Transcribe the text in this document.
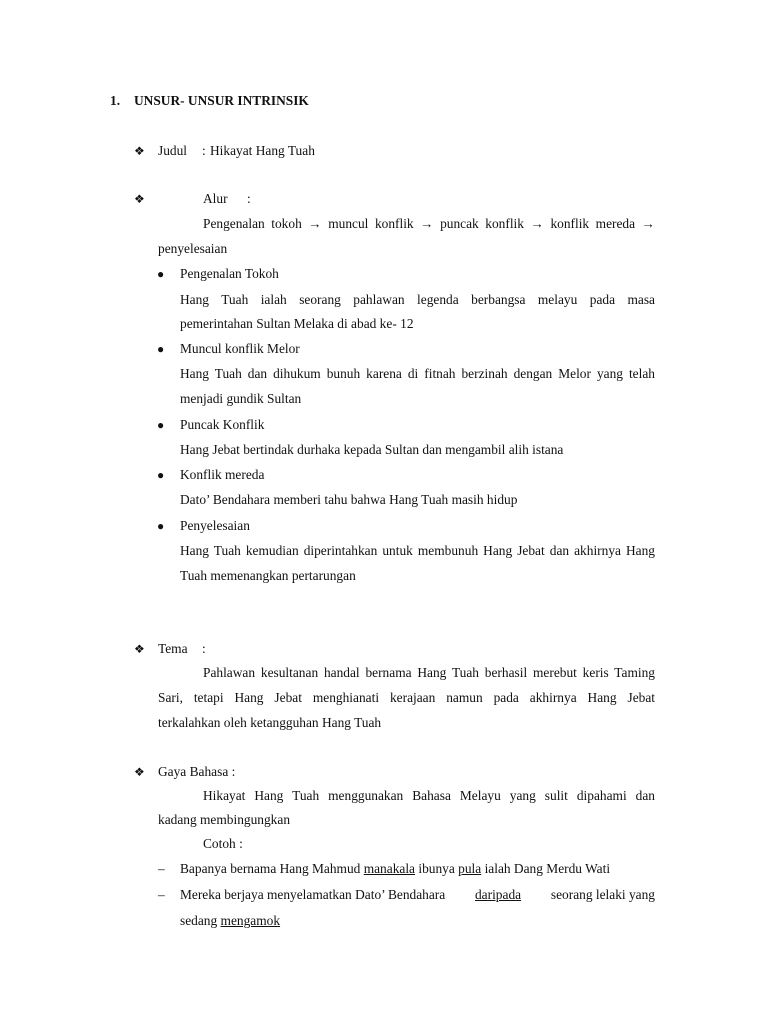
1. UNSUR- UNSUR INTRINSIK
❖ Judul : Hikayat Hang Tuah
❖	Alur :
Pengenalan tokoh → muncul konflik → puncak konflik → konflik mereda →
penyelesaian
● Pengenalan Tokoh
Hang Tuah ialah seorang pahlawan legenda berbangsa melayu pada masa
pemerintahan Sultan Melaka di abad ke- 12
● Muncul konflik Melor
Hang Tuah dan dihukum bunuh karena di fitnah berzinah dengan Melor yang telah
menjadi gundik Sultan
● Puncak Konflik
Hang Jebat bertindak durhaka kepada Sultan dan mengambil alih istana
● Konflik mereda
Dato’ Bendahara memberi tahu bahwa Hang Tuah masih hidup
● Penyelesaian
Hang Tuah kemudian diperintahkan untuk membunuh Hang Jebat dan akhirnya Hang
Tuah memenangkan pertarungan
❖ Tema :
Pahlawan kesultanan handal bernama Hang Tuah berhasil merebut keris Taming
Sari, tetapi Hang Jebat menghianati kerajaan namun pada akhirnya Hang Jebat
terkalahkan oleh ketangguhan Hang Tuah
❖ Gaya Bahasa :
Hikayat Hang Tuah menggunakan Bahasa Melayu yang sulit dipahami dan
kadang membingungkan
Cotoh :
– Bapanya bernama Hang Mahmud manakala ibunya pula ialah Dang Merdu Wati
– Mereka berjaya menyelamatkan Dato’ Bendahara daripada seorang lelaki yang
sedang mengamok
